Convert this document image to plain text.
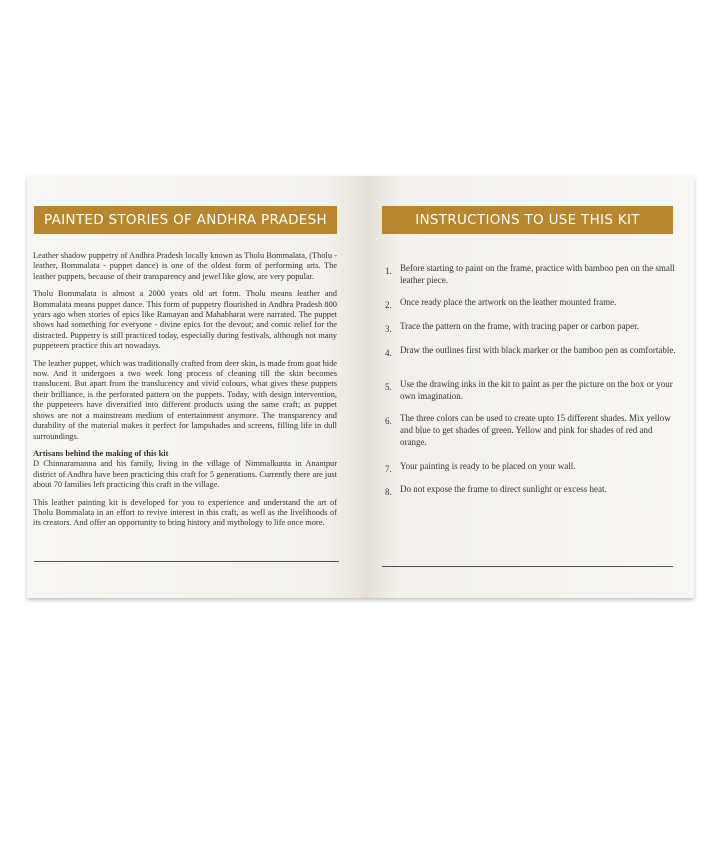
PAINTED STORIES OF ANDHRA PRADESH

Leather shadow puppetry of Andhra Pradesh locally known as Tholu Bommalata, (Tholu - leather, Bommalata - puppet dance) is one of the oldest form of performing arts. The leather puppets, because of their transparency and jewel like glow, are very popular.

Tholu Bommalata is almost a 2000 years old art form. Tholu means leather and Bommalata means puppet dance. This form of puppetry flourished in Andhra Pradesh 800 years ago when stories of epics like Ramayan and Mahabharat were narrated. The puppet shows had something for everyone - divine epics for the devout; and comic relief for the distracted. Puppetry is still practiced today, especially during festivals, although not many puppeteers practice this art nowadays.

The leather puppet, which was traditionally crafted from deer skin, is made from goat hide now. And it undergoes a two week long process of cleaning till the skin becomes translucent. But apart from the translucency and vivid colours, what gives these puppets their brilliance, is the perforated pattern on the puppets. Today, with design intervention, the puppeteers have diversified into different products using the same craft; as puppet shows are not a mainstream medium of entertainment anymore. The transparency and durability of the material makes it perfect for lampshades and screens, filling life in dull surroundings.

Artisans behind the making of this kit

D Chinnaramanna and his family, living in the village of Nimmalkunta in Anantpur district of Andhra have been practicing this craft for 5 generations. Currently there are just about 70 families left practicing this craft in the village.

This leather painting kit is developed for you to experience and understand the art of Tholu Bommalata in an effort to revive interest in this craft, as well as the livelihoods of its creators. And offer an opportunity to bring history and mythology to life once more.

INSTRUCTIONS TO USE THIS KIT
1. Before starting to paint on the frame, practice with bamboo pen on the small leather piece.
2. Once ready place the artwork on the leather mounted frame.
3. Trace the pattern on the frame, with tracing paper or carbon paper.
4. Draw the outlines first with black marker or the bamboo pen as comfortable.
5. Use the drawing inks in the kit to paint as per the picture on the box or your own imagination.
6. The three colors can be used to create upto 15 different shades. Mix yellow and blue to get shades of green. Yellow and pink for shades of red and orange.
7. Your painting is ready to be placed on your wall.
8. Do not expose the frame to direct sunlight or excess heat.
